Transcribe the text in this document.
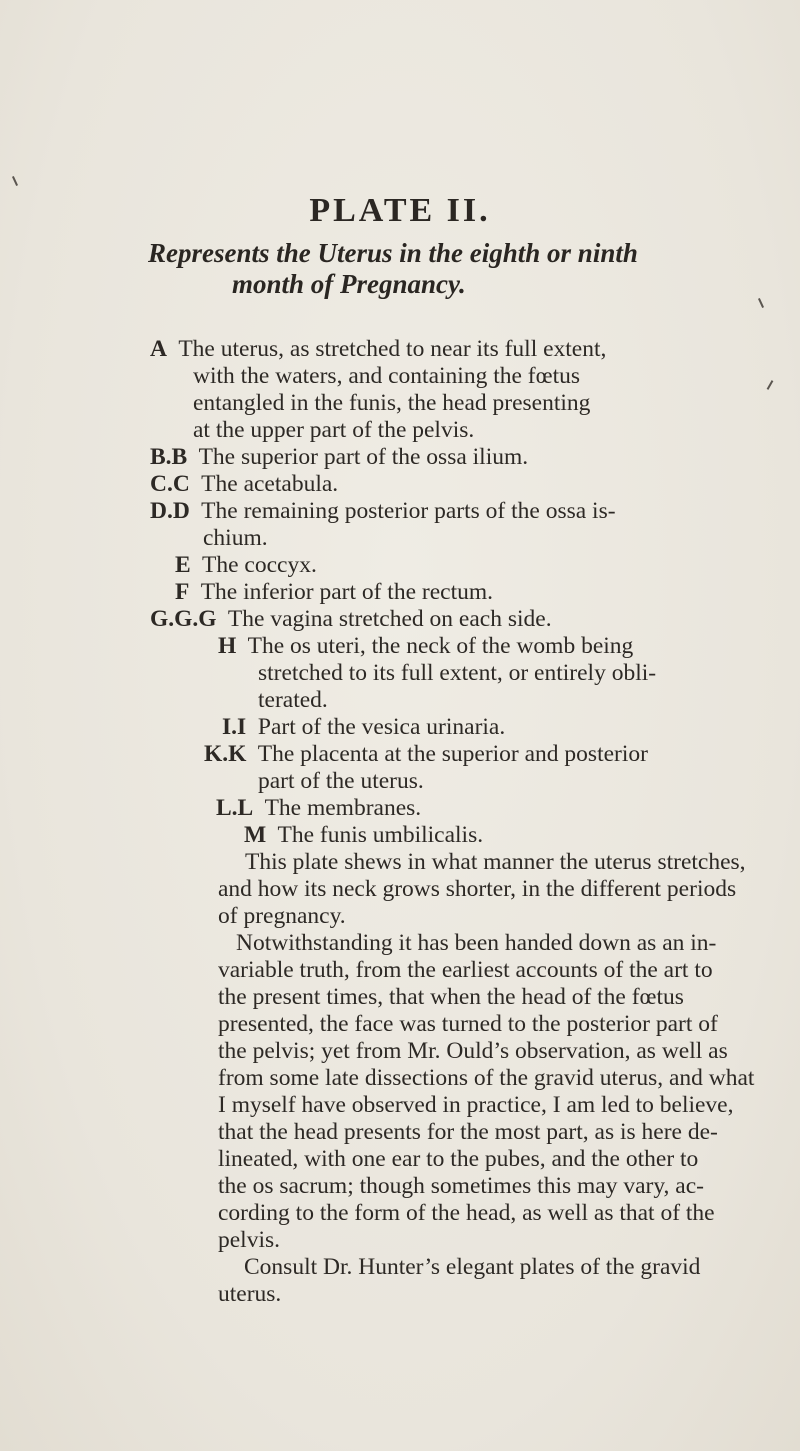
PLATE II.
Represents the Uterus in the eighth or ninth
month of Pregnancy.
A The uterus, as stretched to near its full extent,
with the waters, and containing the fœtus
entangled in the funis, the head presenting
at the upper part of the pelvis.
B.B The superior part of the ossa ilium.
C.C The acetabula.
D.D The remaining posterior parts of the ossa is-
chium.
E The coccyx.
F The inferior part of the rectum.
G.G.G The vagina stretched on each side.
H The os uteri, the neck of the womb being
stretched to its full extent, or entirely obli-
terated.
I.I Part of the vesica urinaria.
K.K The placenta at the superior and posterior
part of the uterus.
L.L The membranes.
M The funis umbilicalis.
This plate shews in what manner the uterus stretches,
and how its neck grows shorter, in the different periods
of pregnancy.
Notwithstanding it has been handed down as an in-
variable truth, from the earliest accounts of the art to
the present times, that when the head of the fœtus
presented, the face was turned to the posterior part of
the pelvis; yet from Mr. Ould’s observation, as well as
from some late dissections of the gravid uterus, and what
I myself have observed in practice, I am led to believe,
that the head presents for the most part, as is here de-
lineated, with one ear to the pubes, and the other to
the os sacrum; though sometimes this may vary, ac-
cording to the form of the head, as well as that of the
pelvis.
Consult Dr. Hunter’s elegant plates of the gravid
uterus.
